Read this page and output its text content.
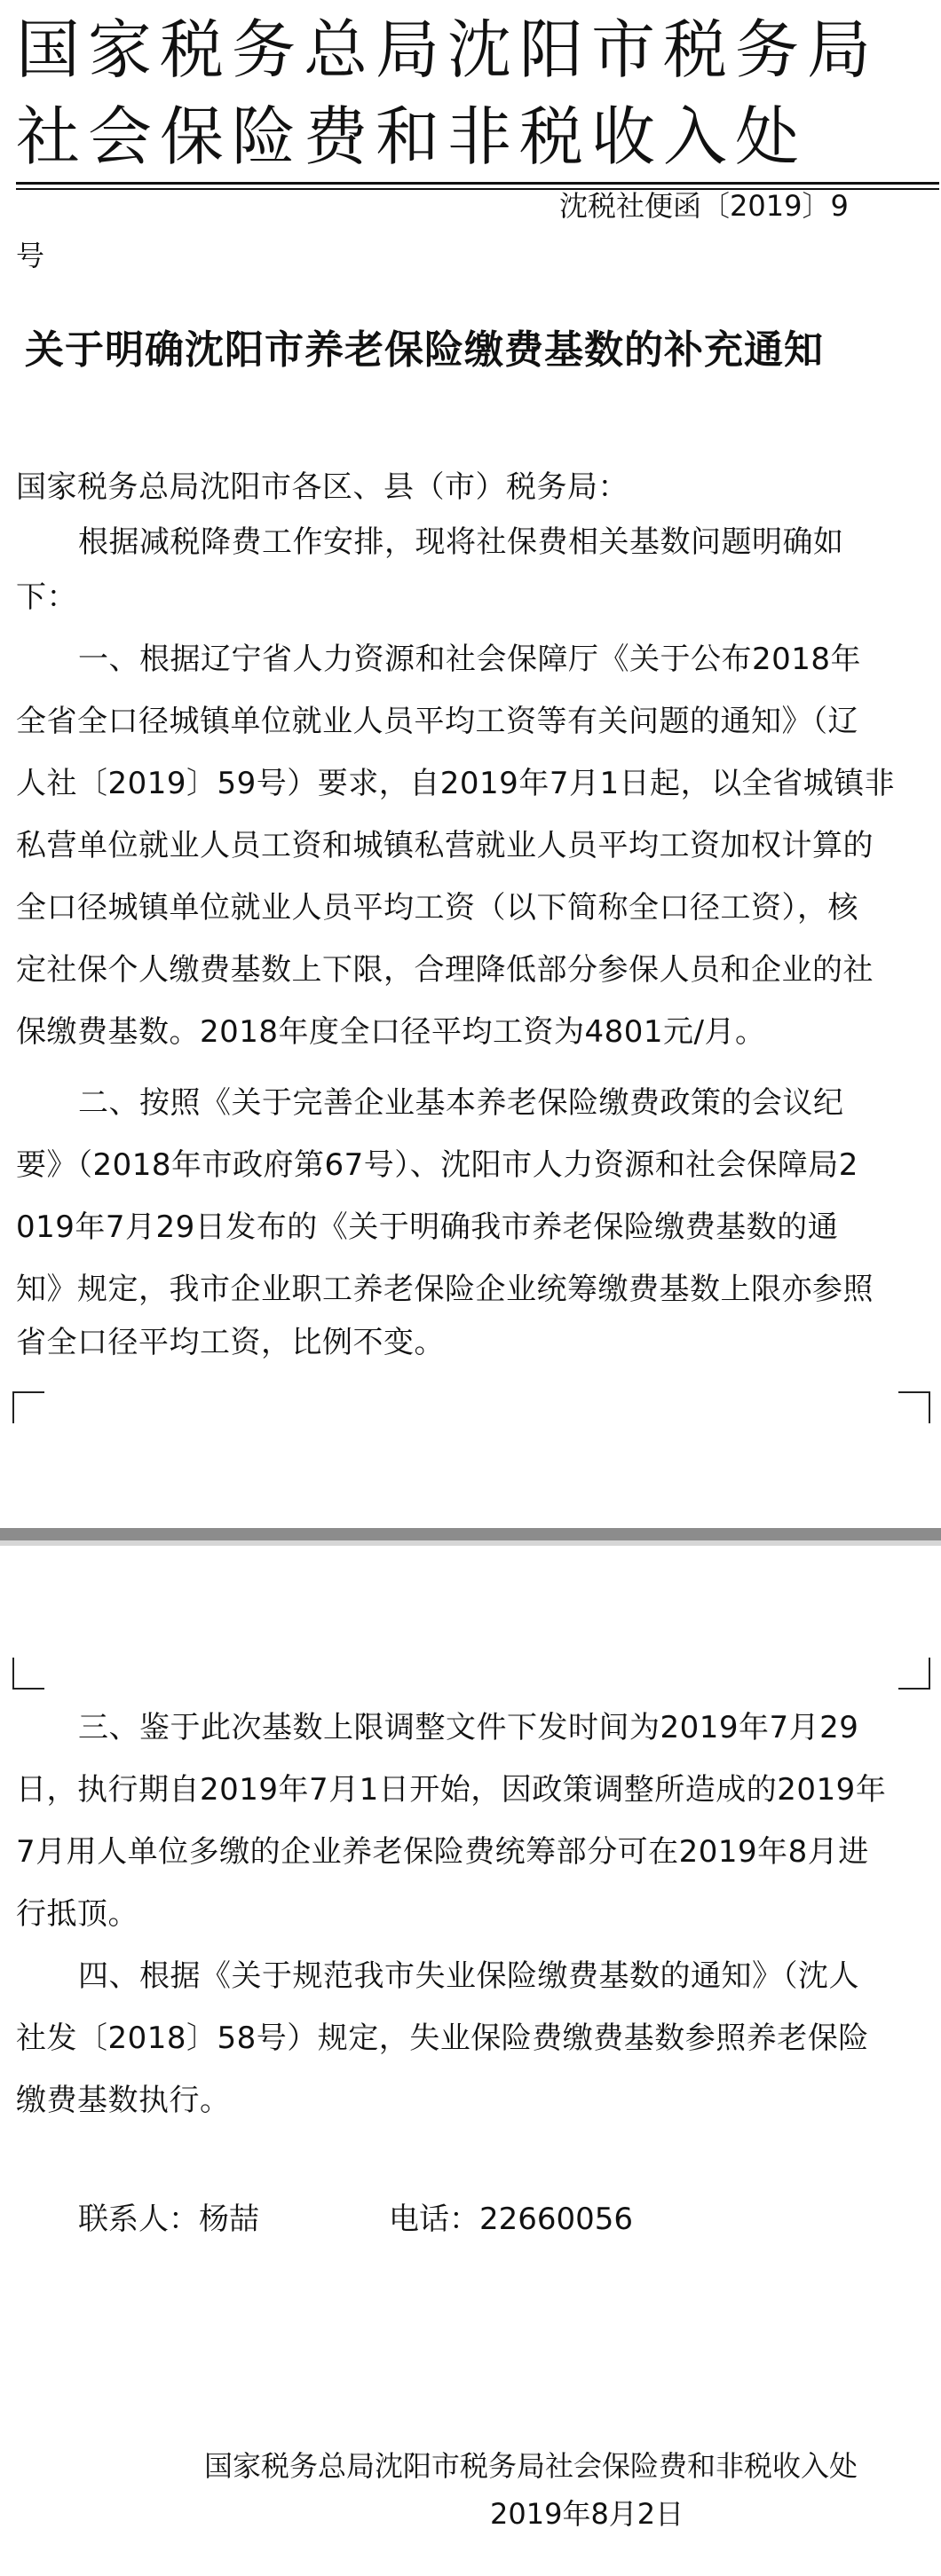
国家税务总局沈阳市税务局
社会保险费和非税收入处
沈税社便函〔2019〕9
号
关于明确沈阳市养老保险缴费基数的补充通知
国家税务总局沈阳市各区、县（市）税务局：
根据减税降费工作安排，现将社保费相关基数问题明确如
下：
一、根据辽宁省人力资源和社会保障厅《关于公布2018年
全省全口径城镇单位就业人员平均工资等有关问题的通知》（辽
人社〔2019〕59号）要求，自2019年7月1日起，以全省城镇非
私营单位就业人员工资和城镇私营就业人员平均工资加权计算的
全口径城镇单位就业人员平均工资（以下简称全口径工资），核
定社保个人缴费基数上下限，合理降低部分参保人员和企业的社
保缴费基数。2018年度全口径平均工资为4801元/月。
二、按照《关于完善企业基本养老保险缴费政策的会议纪
要》（2018年市政府第67号）、沈阳市人力资源和社会保障局2
019年7月29日发布的《关于明确我市养老保险缴费基数的通
知》规定，我市企业职工养老保险企业统筹缴费基数上限亦参照
省全口径平均工资，比例不变。
三、鉴于此次基数上限调整文件下发时间为2019年7月29
日，执行期自2019年7月1日开始，因政策调整所造成的2019年
7月用人单位多缴的企业养老保险费统筹部分可在2019年8月进
行抵顶。
四、根据《关于规范我市失业保险缴费基数的通知》（沈人
社发〔2018〕58号）规定，失业保险费缴费基数参照养老保险
缴费基数执行。
联系人：杨喆	电话：22660056
国家税务总局沈阳市税务局社会保险费和非税收入处
2019年8月2日
